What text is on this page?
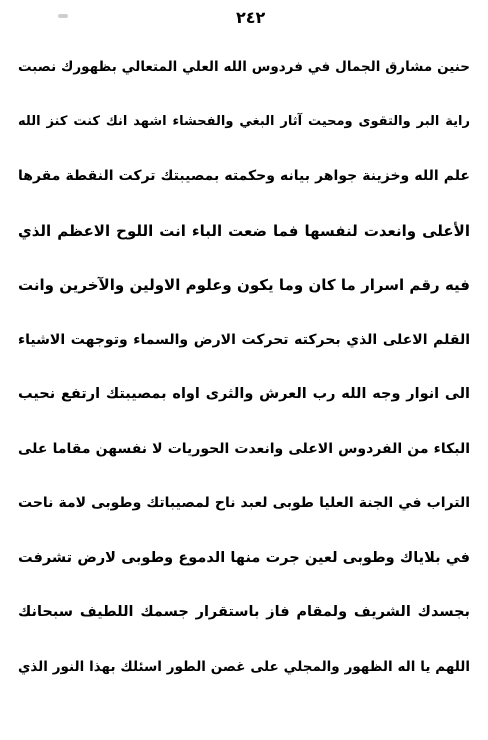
٢٤٢
حنين مشارق الجمال في فردوس الله العلي المتعالي بظهورك نصبت
راية البر والتقوى ومحيت آثار البغي والفحشاء اشهد انك كنت كنز الله
علم الله وخزينة جواهر بيانه وحكمته بمصيبتك تركت النقطة مقرها
الأعلى وانعدت لنفسها فما ضعت الباء انت اللوح الاعظم الذي
فيه رقم اسرار ما كان وما يكون وعلوم الاولين والآخرين وانت
القلم الاعلى الذي بحركته تحركت الارض والسماء وتوجهت الاشياء
الى انوار وجه الله رب العرش والثرى اواه بمصيبتك ارتفع نحيب
البكاء من الفردوس الاعلى وانعدت الحوريات لا نفسهن مقاما على
التراب في الجنة العليا طوبى لعبد ناح لمصيباتك وطوبى لامة ناحت
في بلاياك وطوبى لعين جرت منها الدموع وطوبى لارض تشرفت
بجسدك الشريف ولمقام فاز باستقرار جسمك اللطيف سبحانك
اللهم يا اله الظهور والمجلي على غصن الطور اسئلك بهذا النور الذي
